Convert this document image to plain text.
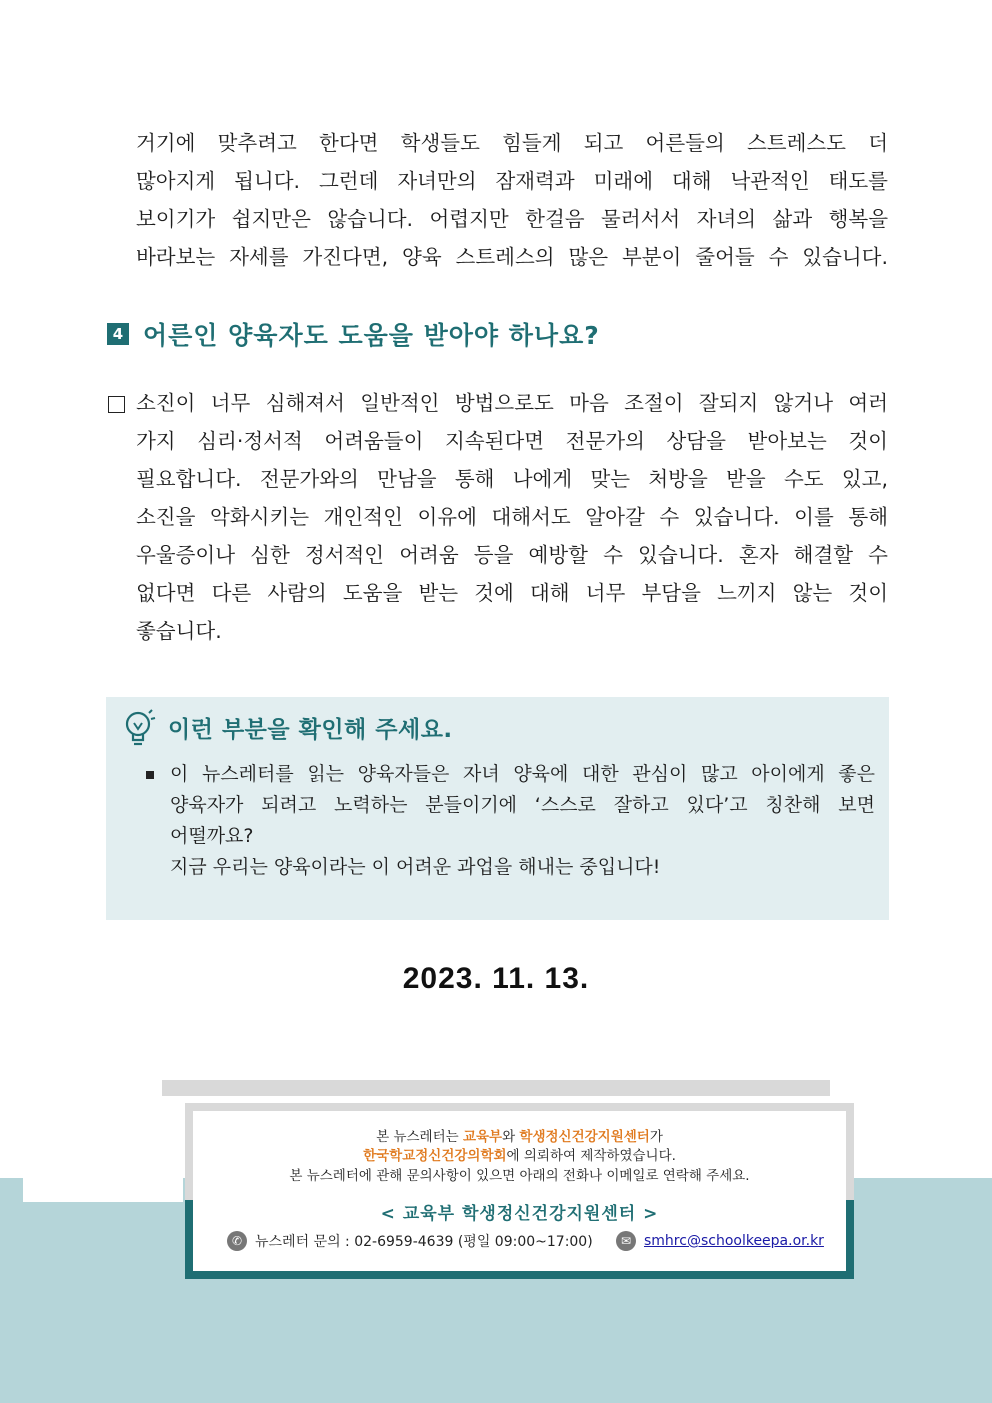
거기에 맞추려고 한다면 학생들도 힘들게 되고 어른들의 스트레스도 더
많아지게 됩니다. 그런데 자녀만의 잠재력과 미래에 대해 낙관적인 태도를
보이기가 쉽지만은 않습니다. 어렵지만 한걸음 물러서서 자녀의 삶과 행복을
바라보는 자세를 가진다면, 양육 스트레스의 많은 부분이 줄어들 수 있습니다.
4 어른인 양육자도 도움을 받아야 하나요?
소진이 너무 심해져서 일반적인 방법으로도 마음 조절이 잘되지 않거나 여러
가지 심리·정서적 어려움들이 지속된다면 전문가의 상담을 받아보는 것이
필요합니다. 전문가와의 만남을 통해 나에게 맞는 처방을 받을 수도 있고,
소진을 악화시키는 개인적인 이유에 대해서도 알아갈 수 있습니다. 이를 통해
우울증이나 심한 정서적인 어려움 등을 예방할 수 있습니다. 혼자 해결할 수
없다면 다른 사람의 도움을 받는 것에 대해 너무 부담을 느끼지 않는 것이
좋습니다.
이런 부분을 확인해 주세요.
이 뉴스레터를 읽는 양육자들은 자녀 양육에 대한 관심이 많고 아이에게 좋은
양육자가 되려고 노력하는 분들이기에 ‘스스로 잘하고 있다’고 칭찬해 보면
어떨까요?
지금 우리는 양육이라는 이 어려운 과업을 해내는 중입니다!
2023. 11. 13.
본 뉴스레터는 교육부와 학생정신건강지원센터가
한국학교정신건강의학회에 의뢰하여 제작하였습니다.
본 뉴스레터에 관해 문의사항이 있으면 아래의 전화나 이메일로 연락해 주세요.
< 교육부 학생정신건강지원센터 >
✆ 뉴스레터 문의 : 02-6959-4639 (평일 09:00~17:00)	✉ smhrc@schoolkeepa.or.kr
